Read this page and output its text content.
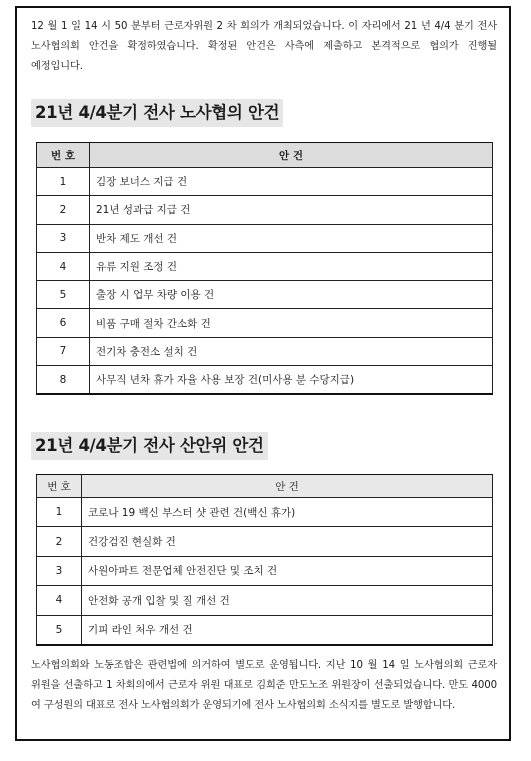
12 월 1 일 14 시 50 분부터 근로자위원 2 차 회의가 개최되었습니다. 이 자리에서 21 년 4/4 분기 전사 노사협의회 안건을 확정하였습니다. 확정된 안건은 사측에 제출하고 본격적으로 협의가 진행될 예정입니다.
21년 4/4분기 전사 노사협의 안건
번 호	안 건
1	김장 보너스 지급 건
2	21년 성과급 지급 건
3	반차 제도 개선 건
4	유류 지원 조정 건
5	출장 시 업무 차량 이용 건
6	비품 구매 절차 간소화 건
7	전기차 충전소 설치 건
8	사무직 년차 휴가 자율 사용 보장 건(미사용 분 수당지급)
21년 4/4분기 전사 산안위 안건
번 호	안 건
1	코로나 19 백신 부스터 샷 관련 건(백신 휴가)
2	건강검진 현실화 건
3	사원아파트 전문업체 안전진단 및 조치 건
4	안전화 공개 입찰 및 질 개선 건
5	기피 라인 처우 개선 건
노사협의회와 노동조합은 관련법에 의거하여 별도로 운영됩니다. 지난 10 월 14 일 노사협의회 근로자 위원을 선출하고 1 차회의에서 근로자 위원 대표로 김희준 만도노조 위원장이 선출되었습니다. 만도 4000 여 구성원의 대표로 전사 노사협의회가 운영되기에 전사 노사협의회 소식지를 별도로 발행합니다.
